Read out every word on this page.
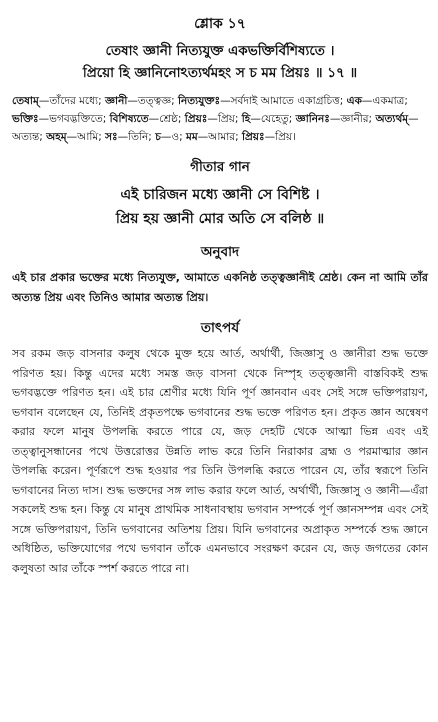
শ্লোক ১৭
তেষাং জ্ঞানী নিত্যযুক্ত একভক্তির্বিশিষ্যতে ।
প্রিয়ো হি জ্ঞানিনোঽত্যর্থমহং স চ মম প্রিয়ঃ ॥ ১৭ ॥
তেষাম্—তাঁদের মধ্যে; জ্ঞানী—তত্ত্বজ্ঞ; নিত্যযুক্তঃ—সর্বদাই আমাতে একাগ্রচিত্ত; এক—একমাত্র; ভক্তিঃ—ভগবদ্ভক্তিতে; বিশিষ্যতে—শ্রেষ্ঠ; প্রিয়ঃ—প্রিয়; হি—যেহেতু; জ্ঞানিনঃ—জ্ঞানীর; অত্যর্থম্—অত্যন্ত; অহম্—আমি; সঃ—তিনি; চ—ও; মম—আমার; প্রিয়ঃ—প্রিয়।
গীতার গান
এই চারিজন মধ্যে জ্ঞানী সে বিশিষ্ট ।
প্রিয় হয় জ্ঞানী মোর অতি সে বলিষ্ঠ ॥
অনুবাদ
এই চার প্রকার ভক্তের মধ্যে নিত্যযুক্ত, আমাতে একনিষ্ঠ তত্ত্বজ্ঞানীই শ্রেষ্ঠ। কেন না আমি তাঁর অত্যন্ত প্রিয় এবং তিনিও আমার অত্যন্ত প্রিয়।
তাৎপর্য
সব রকম জড় বাসনার কলুষ থেকে মুক্ত হয়ে আর্ত, অর্থার্থী, জিজ্ঞাসু ও জ্ঞানীরা শুদ্ধ ভক্তে পরিণত হয়। কিন্তু এদের মধ্যে সমস্ত জড় বাসনা থেকে নিস্পৃহ তত্ত্বজ্ঞানী বাস্তবিকই শুদ্ধ ভগবদ্ভক্তে পরিণত হন। এই চার শ্রেণীর মধ্যে যিনি পূর্ণ জ্ঞানবান এবং সেই সঙ্গে ভক্তিপরায়ণ, ভগবান বলেছেন যে, তিনিই প্রকৃতপক্ষে ভগবানের শুদ্ধ ভক্তে পরিণত হন। প্রকৃত জ্ঞান অন্বেষণ করার ফলে মানুষ উপলব্ধি করতে পারে যে, জড় দেহটি থেকে আত্মা ভিন্ন এবং এই তত্ত্বানুসন্ধানের পথে উত্তরোত্তর উন্নতি লাভ করে তিনি নিরাকার ব্রহ্ম ও পরমাত্মার জ্ঞান উপলব্ধি করেন। পূর্ণরূপে শুদ্ধ হওয়ার পর তিনি উপলব্ধি করতে পারেন যে, তাঁর স্বরূপে তিনি ভগবানের নিত্য দাস। শুদ্ধ ভক্তদের সঙ্গ লাভ করার ফলে আর্ত, অর্থার্থী, জিজ্ঞাসু ও জ্ঞানী—এঁরা সকলেই শুদ্ধ হন। কিন্তু যে মানুষ প্রাথমিক সাধনাবস্থায় ভগবান সম্পর্কে পূর্ণ জ্ঞানসম্পন্ন এবং সেই সঙ্গে ভক্তিপরায়ণ, তিনি ভগবানের অতিশয় প্রিয়। যিনি ভগবানের অপ্রাকৃত সম্পর্কে শুদ্ধ জ্ঞানে অধিষ্ঠিত, ভক্তিযোগের পথে ভগবান তাঁকে এমনভাবে সংরক্ষণ করেন যে, জড় জগতের কোন কলুষতা আর তাঁকে স্পর্শ করতে পারে না।
